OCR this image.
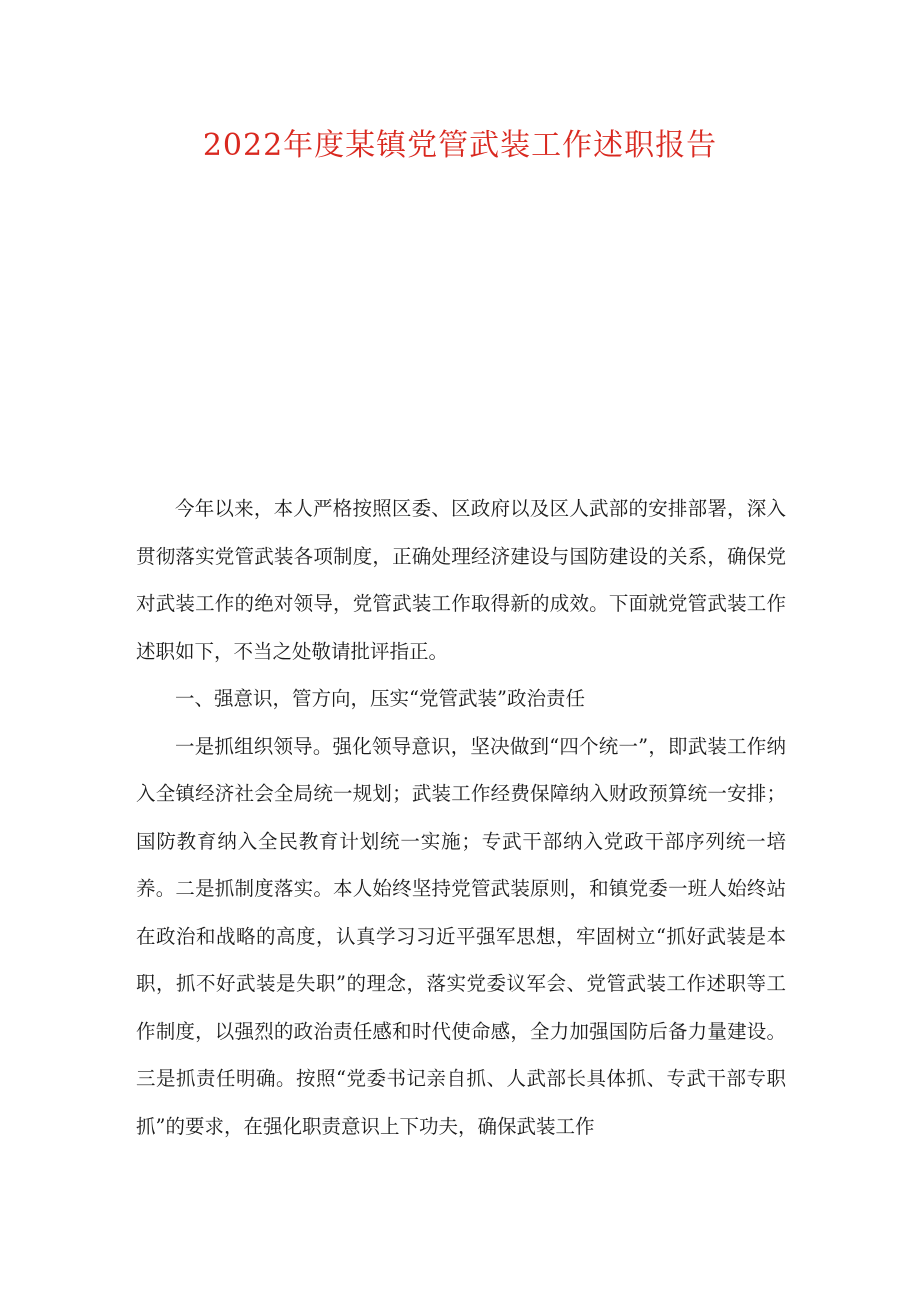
2022年度某镇党管武装工作述职报告

今年以来，本人严格按照区委、区政府以及区人武部的安排部署，深入贯彻落实党管武装各项制度，正确处理经济建设与国防建设的关系，确保党对武装工作的绝对领导，党管武装工作取得新的成效。下面就党管武装工作述职如下，不当之处敬请批评指正。

一、强意识，管方向，压实“党管武装”政治责任

一是抓组织领导。强化领导意识，坚决做到“四个统一”，即武装工作纳入全镇经济社会全局统一规划；武装工作经费保障纳入财政预算统一安排；国防教育纳入全民教育计划统一实施；专武干部纳入党政干部序列统一培养。二是抓制度落实。本人始终坚持党管武装原则，和镇党委一班人始终站在政治和战略的高度，认真学习习近平强军思想，牢固树立“抓好武装是本职，抓不好武装是失职”的理念，落实党委议军会、党管武装工作述职等工作制度，以强烈的政治责任感和时代使命感，全力加强国防后备力量建设。三是抓责任明确。按照“党委书记亲自抓、人武部长具体抓、专武干部专职抓”的要求，在强化职责意识上下功夫，确保武装工作
